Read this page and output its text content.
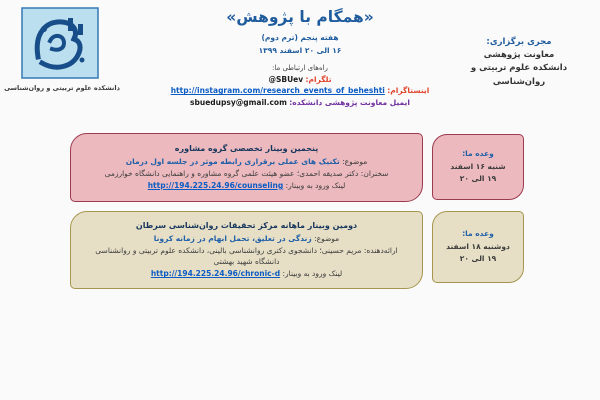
دانشکده علوم تربیتی و روان‌شناسی
«همگام با پژوهش»
هفته پنجم (ترم دوم)
۱۶ الی ۲۰ اسفند ۱۳۹۹
مجری برگزاری:
معاونت پژوهشی
دانشکده علوم تربیتی و روان‌شناسی
راه‌های ارتباطی ما:
تلگرام: @SBUev
اینستاگرام: http://instagram.com/research_events_of_beheshti
ایمیل معاونت پژوهشی دانشکده: sbuedupsy@gmail.com
پنجمین وبینار تخصصی گروه مشاوره
موضوع: تکنیک های عملی برقراری رابطه موثر در جلسه اول درمان
سخنران: دکتر صدیقه احمدی؛ عضو هیئت علمی گروه مشاوره و راهنمایی دانشگاه خوارزمی
لینک ورود به وبینار: http://194.225.24.96/counseling
وعده ما:
شنبه ۱۶ اسفند
۱۹ الی ۲۰
دومین وبینار ماهانه مرکز تحقیقات روان‌شناسی سرطان
موضوع: زندگی در تعلیق، تحمل ابهام در زمانه کرونا
ارائه‌دهنده: مریم حسینی؛ دانشجوی دکتری روانشناسی بالینی، دانشکده علوم تربیتی و روانشناسی دانشگاه شهید بهشتی
لینک ورود به وبینار: http://194.225.24.96/chronic-d
وعده ما:
دوشنبه ۱۸ اسفند
۱۹ الی ۲۰
